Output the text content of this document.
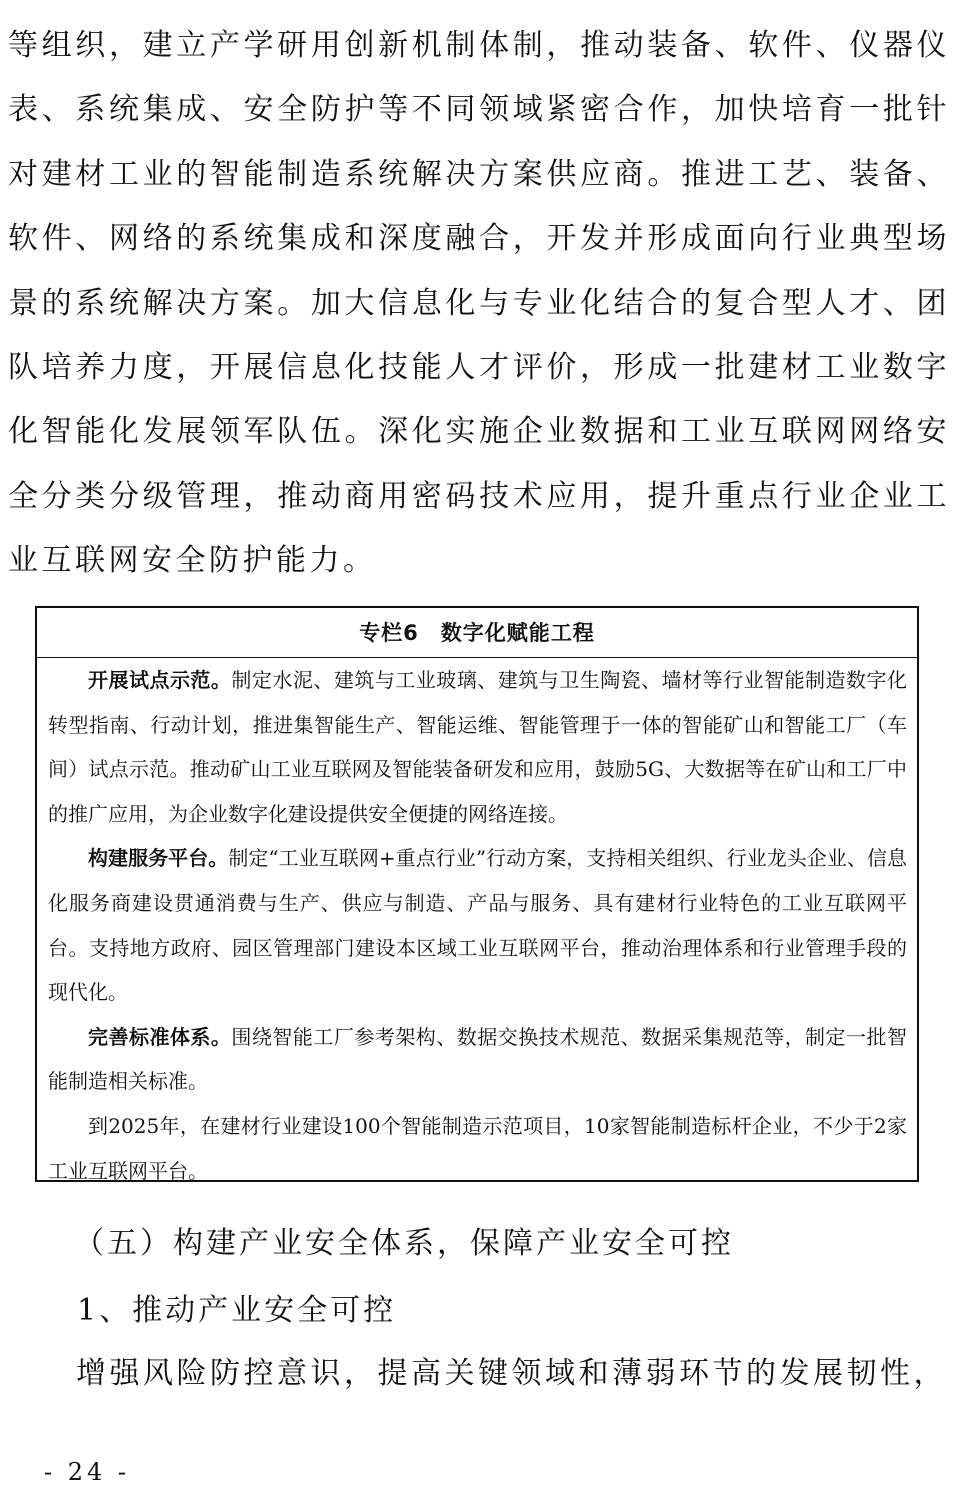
等组织，建立产学研用创新机制体制，推动装备、软件、仪器仪表、系统集成、安全防护等不同领域紧密合作，加快培育一批针对建材工业的智能制造系统解决方案供应商。推进工艺、装备、软件、网络的系统集成和深度融合，开发并形成面向行业典型场景的系统解决方案。加大信息化与专业化结合的复合型人才、团队培养力度，开展信息化技能人才评价，形成一批建材工业数字化智能化发展领军队伍。深化实施企业数据和工业互联网网络安全分类分级管理，推动商用密码技术应用，提升重点行业企业工业互联网安全防护能力。

专栏6　数字化赋能工程

开展试点示范。制定水泥、建筑与工业玻璃、建筑与卫生陶瓷、墙材等行业智能制造数字化转型指南、行动计划，推进集智能生产、智能运维、智能管理于一体的智能矿山和智能工厂（车间）试点示范。推动矿山工业互联网及智能装备研发和应用，鼓励5G、大数据等在矿山和工厂中的推广应用，为企业数字化建设提供安全便捷的网络连接。

构建服务平台。制定“工业互联网+重点行业”行动方案，支持相关组织、行业龙头企业、信息化服务商建设贯通消费与生产、供应与制造、产品与服务、具有建材行业特色的工业互联网平台。支持地方政府、园区管理部门建设本区域工业互联网平台，推动治理体系和行业管理手段的现代化。

完善标准体系。围绕智能工厂参考架构、数据交换技术规范、数据采集规范等，制定一批智能制造相关标准。

到2025年，在建材行业建设100个智能制造示范项目，10家智能制造标杆企业，不少于2家工业互联网平台。

（五）构建产业安全体系，保障产业安全可控
1、推动产业安全可控

增强风险防控意识，提高关键领域和薄弱环节的发展韧性，

- 24 -
